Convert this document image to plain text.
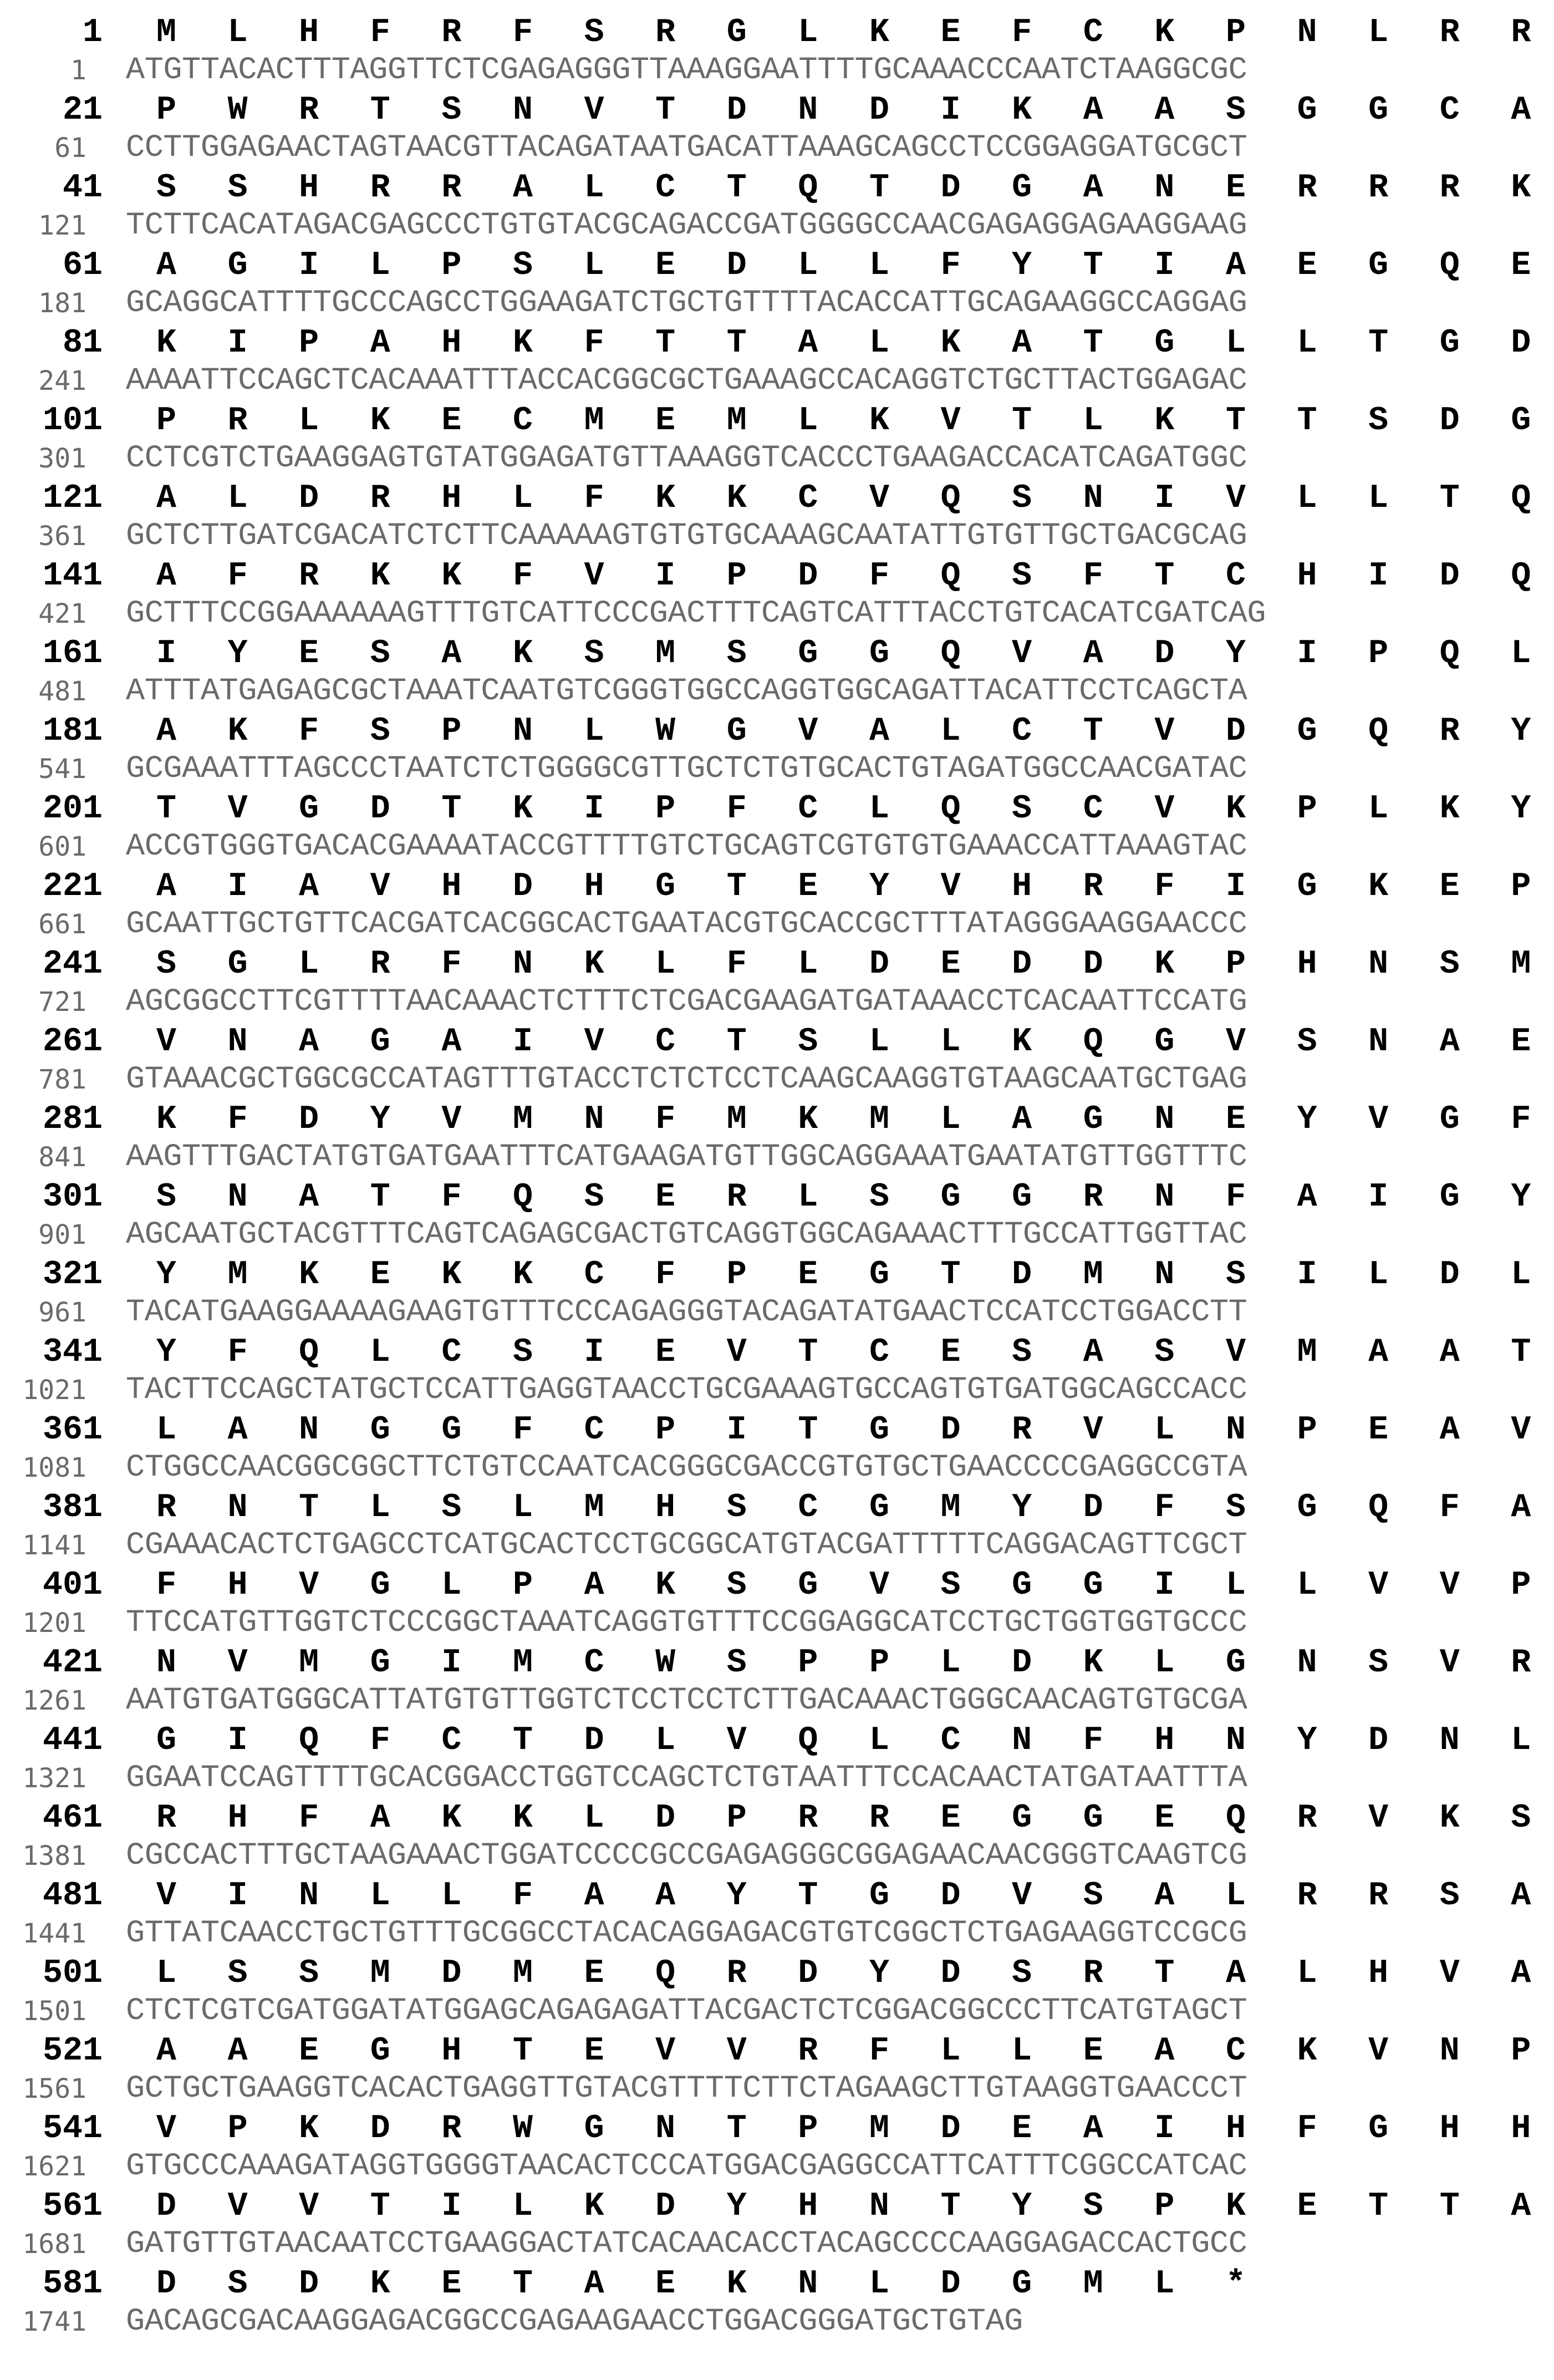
1	M	L	H	F	R	F	S	R	G	L	K	E	F	C	K	P	N	L	R	R
1 ATGTTACACTTTAGGTTCTCGAGAGGGTTAAAGGAATTTTGCAAACCCAATCTAAGGCGC
21	P	W	R	T	S	N	V	T	D	N	D	I	K	A	A	S	G	G	C	A
61 CCTTGGAGAACTAGTAACGTTACAGATAATGACATTAAAGCAGCCTCCGGAGGATGCGCT
41	S	S	H	R	R	A	L	C	T	Q	T	D	G	A	N	E	R	R	R	K
121 TCTTCACATAGACGAGCCCTGTGTACGCAGACCGATGGGGCCAACGAGAGGAGAAGGAAG
61	A	G	I	L	P	S	L	E	D	L	L	F	Y	T	I	A	E	G	Q	E
181 GCAGGCATTTTGCCCAGCCTGGAAGATCTGCTGTTTTACACCATTGCAGAAGGCCAGGAG
81	K	I	P	A	H	K	F	T	T	A	L	K	A	T	G	L	L	T	G	D
241 AAAATTCCAGCTCACAAATTTACCACGGCGCTGAAAGCCACAGGTCTGCTTACTGGAGAC
101	P	R	L	K	E	C	M	E	M	L	K	V	T	L	K	T	T	S	D	G
301 CCTCGTCTGAAGGAGTGTATGGAGATGTTAAAGGTCACCCTGAAGACCACATCAGATGGC
121	A	L	D	R	H	L	F	K	K	C	V	Q	S	N	I	V	L	L	T	Q
361 GCTCTTGATCGACATCTCTTCAAAAAGTGTGTGCAAAGCAATATTGTGTTGCTGACGCAG
141	A	F	R	K	K	F	V	I	P	D	F	Q	S	F	T	C	H	I	D	Q
421 GCTTTCCGGAAAAAAGTTTGTCATTCCCGACTTTCAGTCATTTACCTGTCACATCGATCAG
161	I	Y	E	S	A	K	S	M	S	G	G	Q	V	A	D	Y	I	P	Q	L
481 ATTTATGAGAGCGCTAAATCAATGTCGGGTGGCCAGGTGGCAGATTACATTCCTCAGCTA
181	A	K	F	S	P	N	L	W	G	V	A	L	C	T	V	D	G	Q	R	Y
541 GCGAAATTTAGCCCTAATCTCTGGGGCGTTGCTCTGTGCACTGTAGATGGCCAACGATAC
201	T	V	G	D	T	K	I	P	F	C	L	Q	S	C	V	K	P	L	K	Y
601 ACCGTGGGTGACACGAAAATACCGTTTTGTCTGCAGTCGTGTGTGAAACCATTAAAGTAC
221	A	I	A	V	H	D	H	G	T	E	Y	V	H	R	F	I	G	K	E	P
661 GCAATTGCTGTTCACGATCACGGCACTGAATACGTGCACCGCTTTATAGGGAAGGAACCC
241	S	G	L	R	F	N	K	L	F	L	D	E	D	D	K	P	H	N	S	M
721 AGCGGCCTTCGTTTTAACAAACTCTTTCTCGACGAAGATGATAAACCTCACAATTCCATG
261	V	N	A	G	A	I	V	C	T	S	L	L	K	Q	G	V	S	N	A	E
781 GTAAACGCTGGCGCCATAGTTTGTACCTCTCTCCTCAAGCAAGGTGTAAGCAATGCTGAG
281	K	F	D	Y	V	M	N	F	M	K	M	L	A	G	N	E	Y	V	G	F
841 AAGTTTGACTATGTGATGAATTTCATGAAGATGTTGGCAGGAAATGAATATGTTGGTTTC
301	S	N	A	T	F	Q	S	E	R	L	S	G	G	R	N	F	A	I	G	Y
901 AGCAATGCTACGTTTCAGTCAGAGCGACTGTCAGGTGGCAGAAACTTTGCCATTGGTTAC
321	Y	M	K	E	K	K	C	F	P	E	G	T	D	M	N	S	I	L	D	L
961 TACATGAAGGAAAAGAAGTGTTTCCCAGAGGGTACAGATATGAACTCCATCCTGGACCTT
341	Y	F	Q	L	C	S	I	E	V	T	C	E	S	A	S	V	M	A	A	T
1021 TACTTCCAGCTATGCTCCATTGAGGTAACCTGCGAAAGTGCCAGTGTGATGGCAGCCACC
361	L	A	N	G	G	F	C	P	I	T	G	D	R	V	L	N	P	E	A	V
1081 CTGGCCAACGGCGGCTTCTGTCCAATCACGGGCGACCGTGTGCTGAACCCCGAGGCCGTA
381	R	N	T	L	S	L	M	H	S	C	G	M	Y	D	F	S	G	Q	F	A
1141 CGAAACACTCTGAGCCTCATGCACTCCTGCGGCATGTACGATTTTTCAGGACAGTTCGCT
401	F	H	V	G	L	P	A	K	S	G	V	S	G	G	I	L	L	V	V	P
1201 TTCCATGTTGGTCTCCCGGCTAAATCAGGTGTTTCCGGAGGCATCCTGCTGGTGGTGCCC
421	N	V	M	G	I	M	C	W	S	P	P	L	D	K	L	G	N	S	V	R
1261 AATGTGATGGGCATTATGTGTTGGTCTCCTCCTCTTGACAAACTGGGCAACAGTGTGCGA
441	G	I	Q	F	C	T	D	L	V	Q	L	C	N	F	H	N	Y	D	N	L
1321 GGAATCCAGTTTTGCACGGACCTGGTCCAGCTCTGTAATTTCCACAACTATGATAATTTA
461	R	H	F	A	K	K	L	D	P	R	R	E	G	G	E	Q	R	V	K	S
1381 CGCCACTTTGCTAAGAAACTGGATCCCCGCCGAGAGGGCGGAGAACAACGGGTCAAGTCG
481	V	I	N	L	L	F	A	A	Y	T	G	D	V	S	A	L	R	R	S	A
1441 GTTATCAACCTGCTGTTTGCGGCCTACACAGGAGACGTGTCGGCTCTGAGAAGGTCCGCG
501	L	S	S	M	D	M	E	Q	R	D	Y	D	S	R	T	A	L	H	V	A
1501 CTCTCGTCGATGGATATGGAGCAGAGAGATTACGACTCTCGGACGGCCCTTCATGTAGCT
521	A	A	E	G	H	T	E	V	V	R	F	L	L	E	A	C	K	V	N	P
1561 GCTGCTGAAGGTCACACTGAGGTTGTACGTTTTCTTCTAGAAGCTTGTAAGGTGAACCCT
541	V	P	K	D	R	W	G	N	T	P	M	D	E	A	I	H	F	G	H	H
1621 GTGCCCAAAGATAGGTGGGGTAACACTCCCATGGACGAGGCCATTCATTTCGGCCATCAC
561	D	V	V	T	I	L	K	D	Y	H	N	T	Y	S	P	K	E	T	T	A
1681 GATGTTGTAACAATCCTGAAGGACTATCACAACACCTACAGCCCCAAGGAGACCACTGCC
581	D	S	D	K	E	T	A	E	K	N	L	D	G	M	L	*
1741 GACAGCGACAAGGAGACGGCCGAGAAGAACCTGGACGGGATGCTGTAG
